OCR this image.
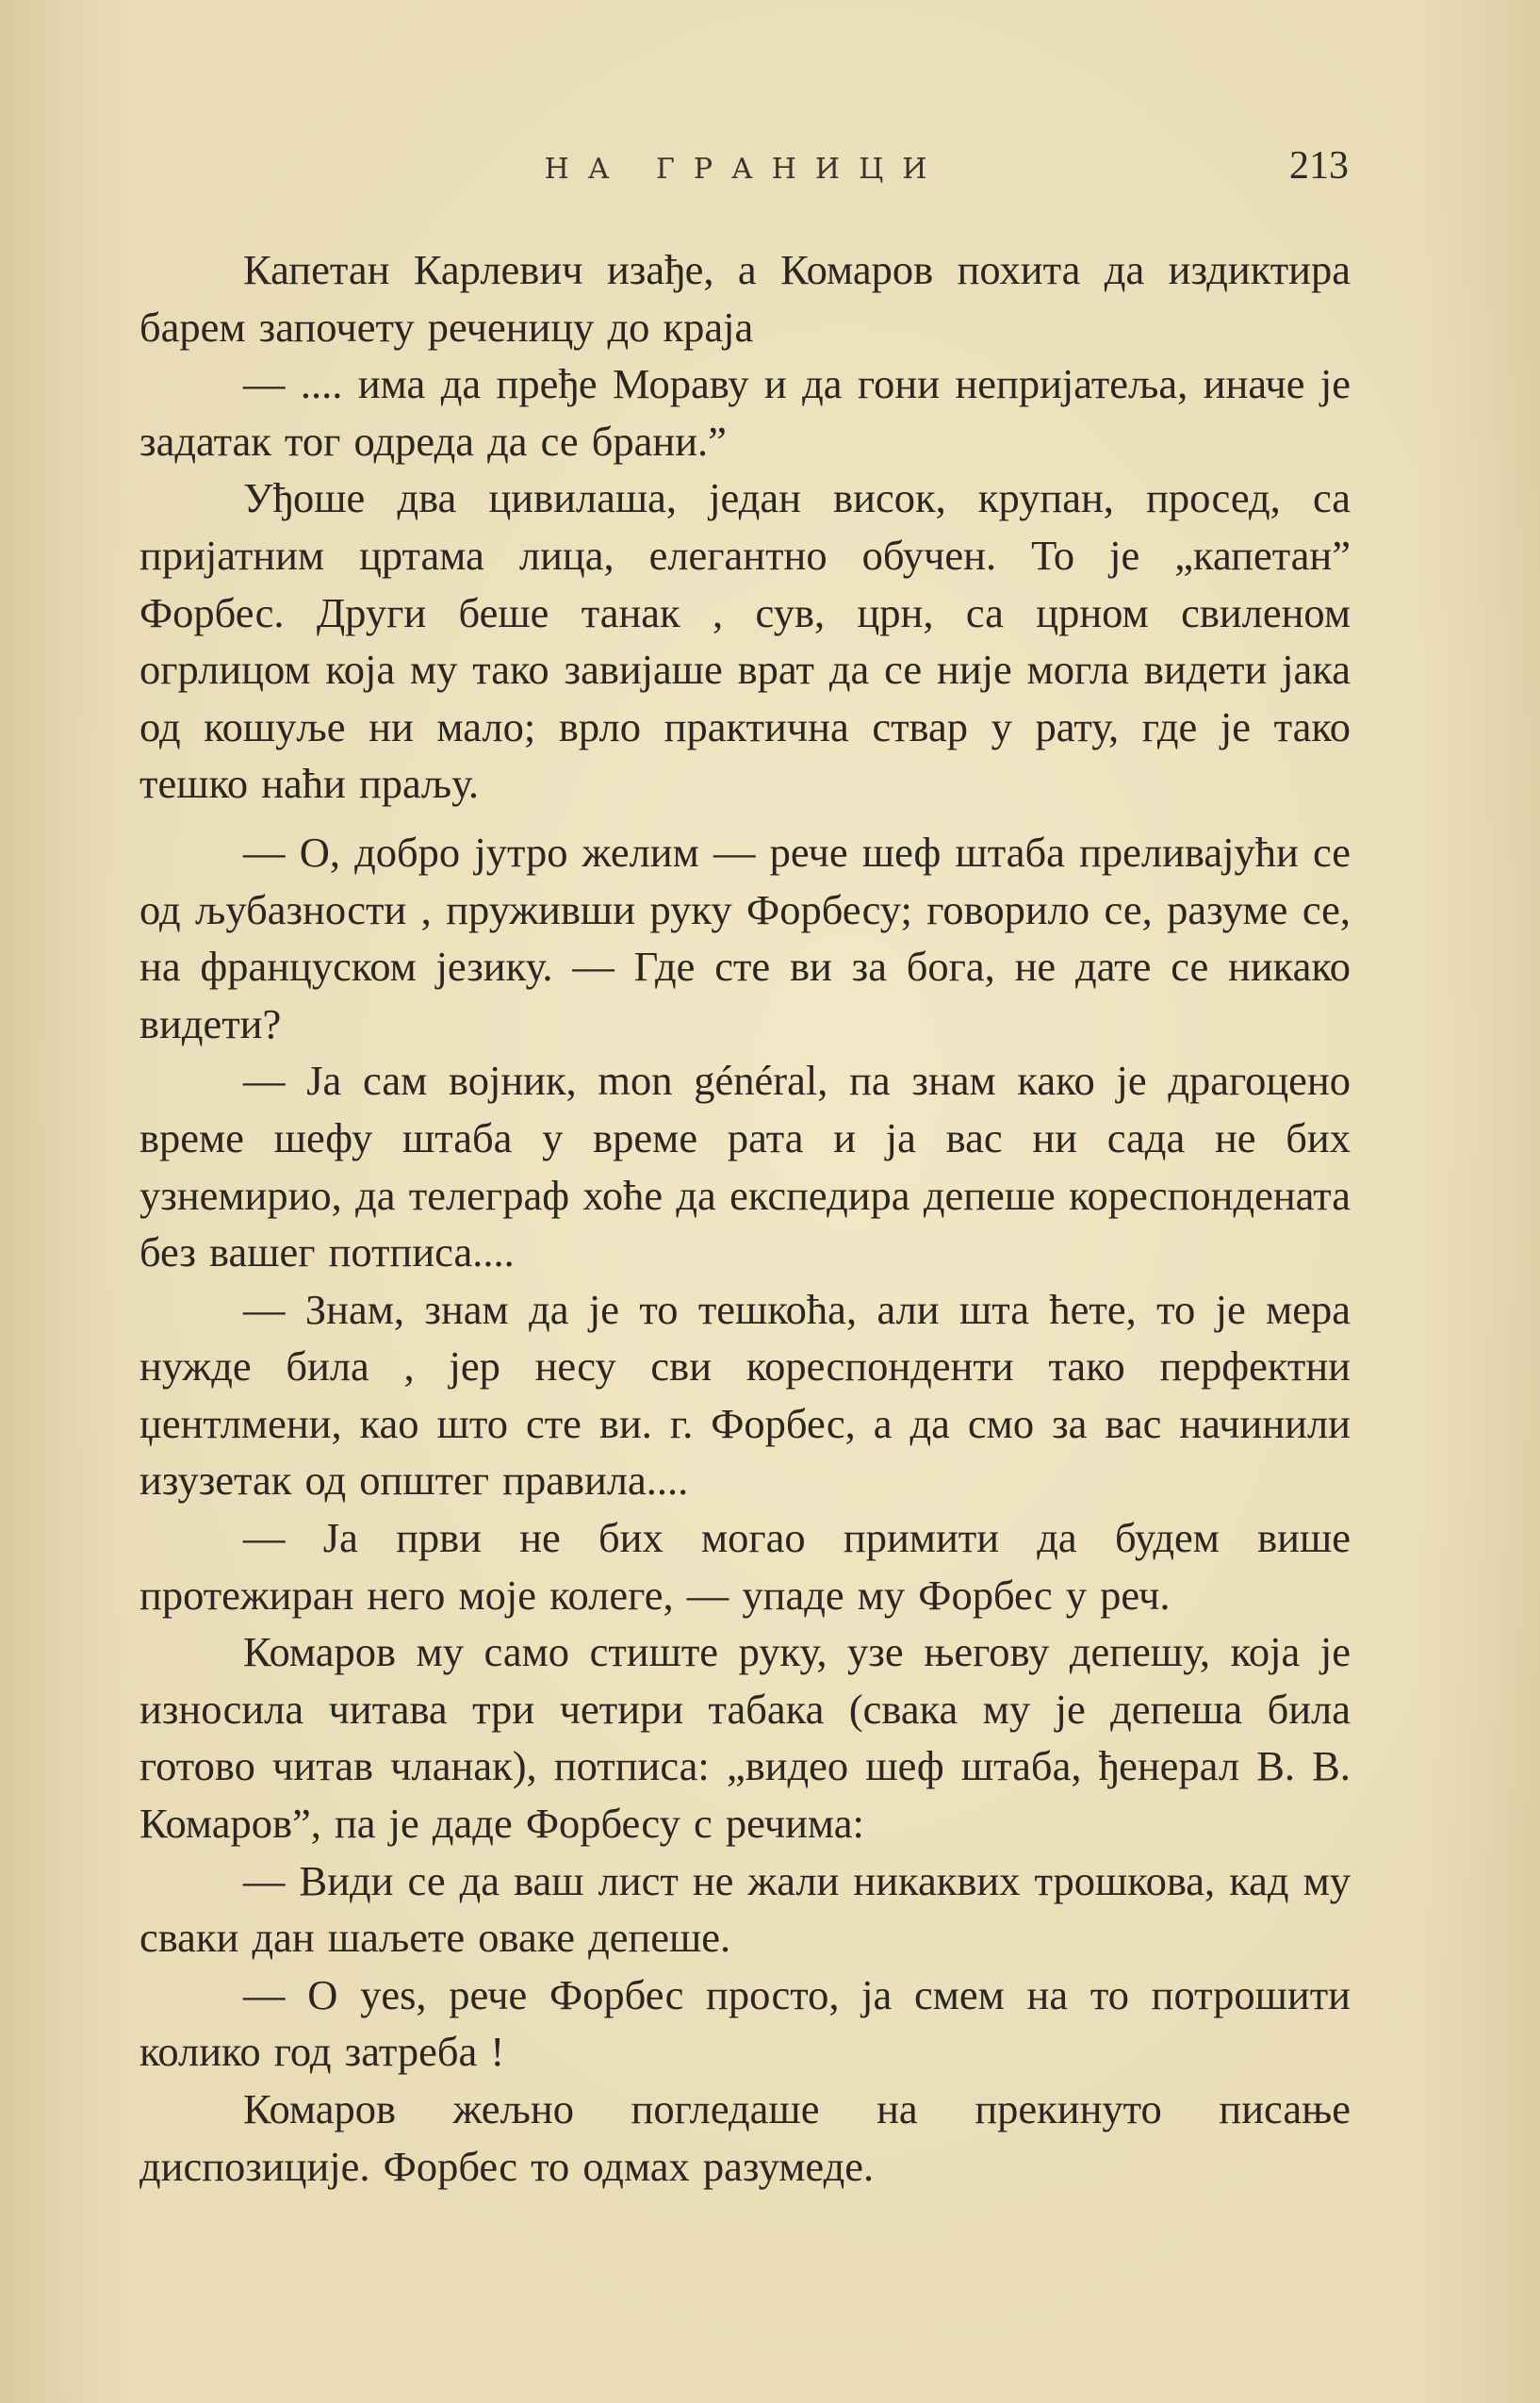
НА ГРАНИЦИ	213

Капетан Карлевич изађе, а Комаров похита да издиктира барем започету реченицу до краја

— .... има да пређе Мораву и да гони непријатеља, иначе је задатак тог одреда да се брани.”

Уђоше два цивилаша, један висок, крупан, просед, са пријатним цртама лица, елегантно обучен. То је „капетан” Форбес. Други беше танак , сув, црн, са црном свиленом огрлицом која му тако завијаше врат да се није могла видети јака од кошуље ни мало; врло практична ствар у рату, где је тако тешко наћи праљу.

— О, добро јутро желим — рече шеф штаба преливајући се од љубазности , пруживши руку Форбесу; говорило се, разуме се, на француском језику. — Где сте ви за бога, не дате се никако видети?

— Ја сам војник, mon général, па знам како је драгоцено време шефу штаба у време рата и ја вас ни сада не бих узнемирио, да телеграф хоће да експедира депеше кореспондената без вашег потписа....

— Знам, знам да је то тешкоћа, али шта ћете, то је мера нужде била , јер несу сви кореспонденти тако перфектни џентлмени, као што сте ви. г. Форбес, а да смо за вас начинили изузетак од општег правила....

— Ја први не бих могао примити да будем више протежиран него моје колеге, — упаде му Форбес у реч.

Комаров му само стиште руку, узе његову депешу, која је износила читава три четири табака (свака му је депеша била готово читав чланак), потписа: „видео шеф штаба, ђенерал В. В. Комаров”, па је даде Форбесу с речима:

— Види се да ваш лист не жали никаквих трошкова, кад му сваки дан шаљете оваке депеше.

— О yes, рече Форбес просто, ја смем на то потрошити колико год затреба !

Комаров жељно погледаше на прекинуто писање диспозиције. Форбес то одмах разумеде.
